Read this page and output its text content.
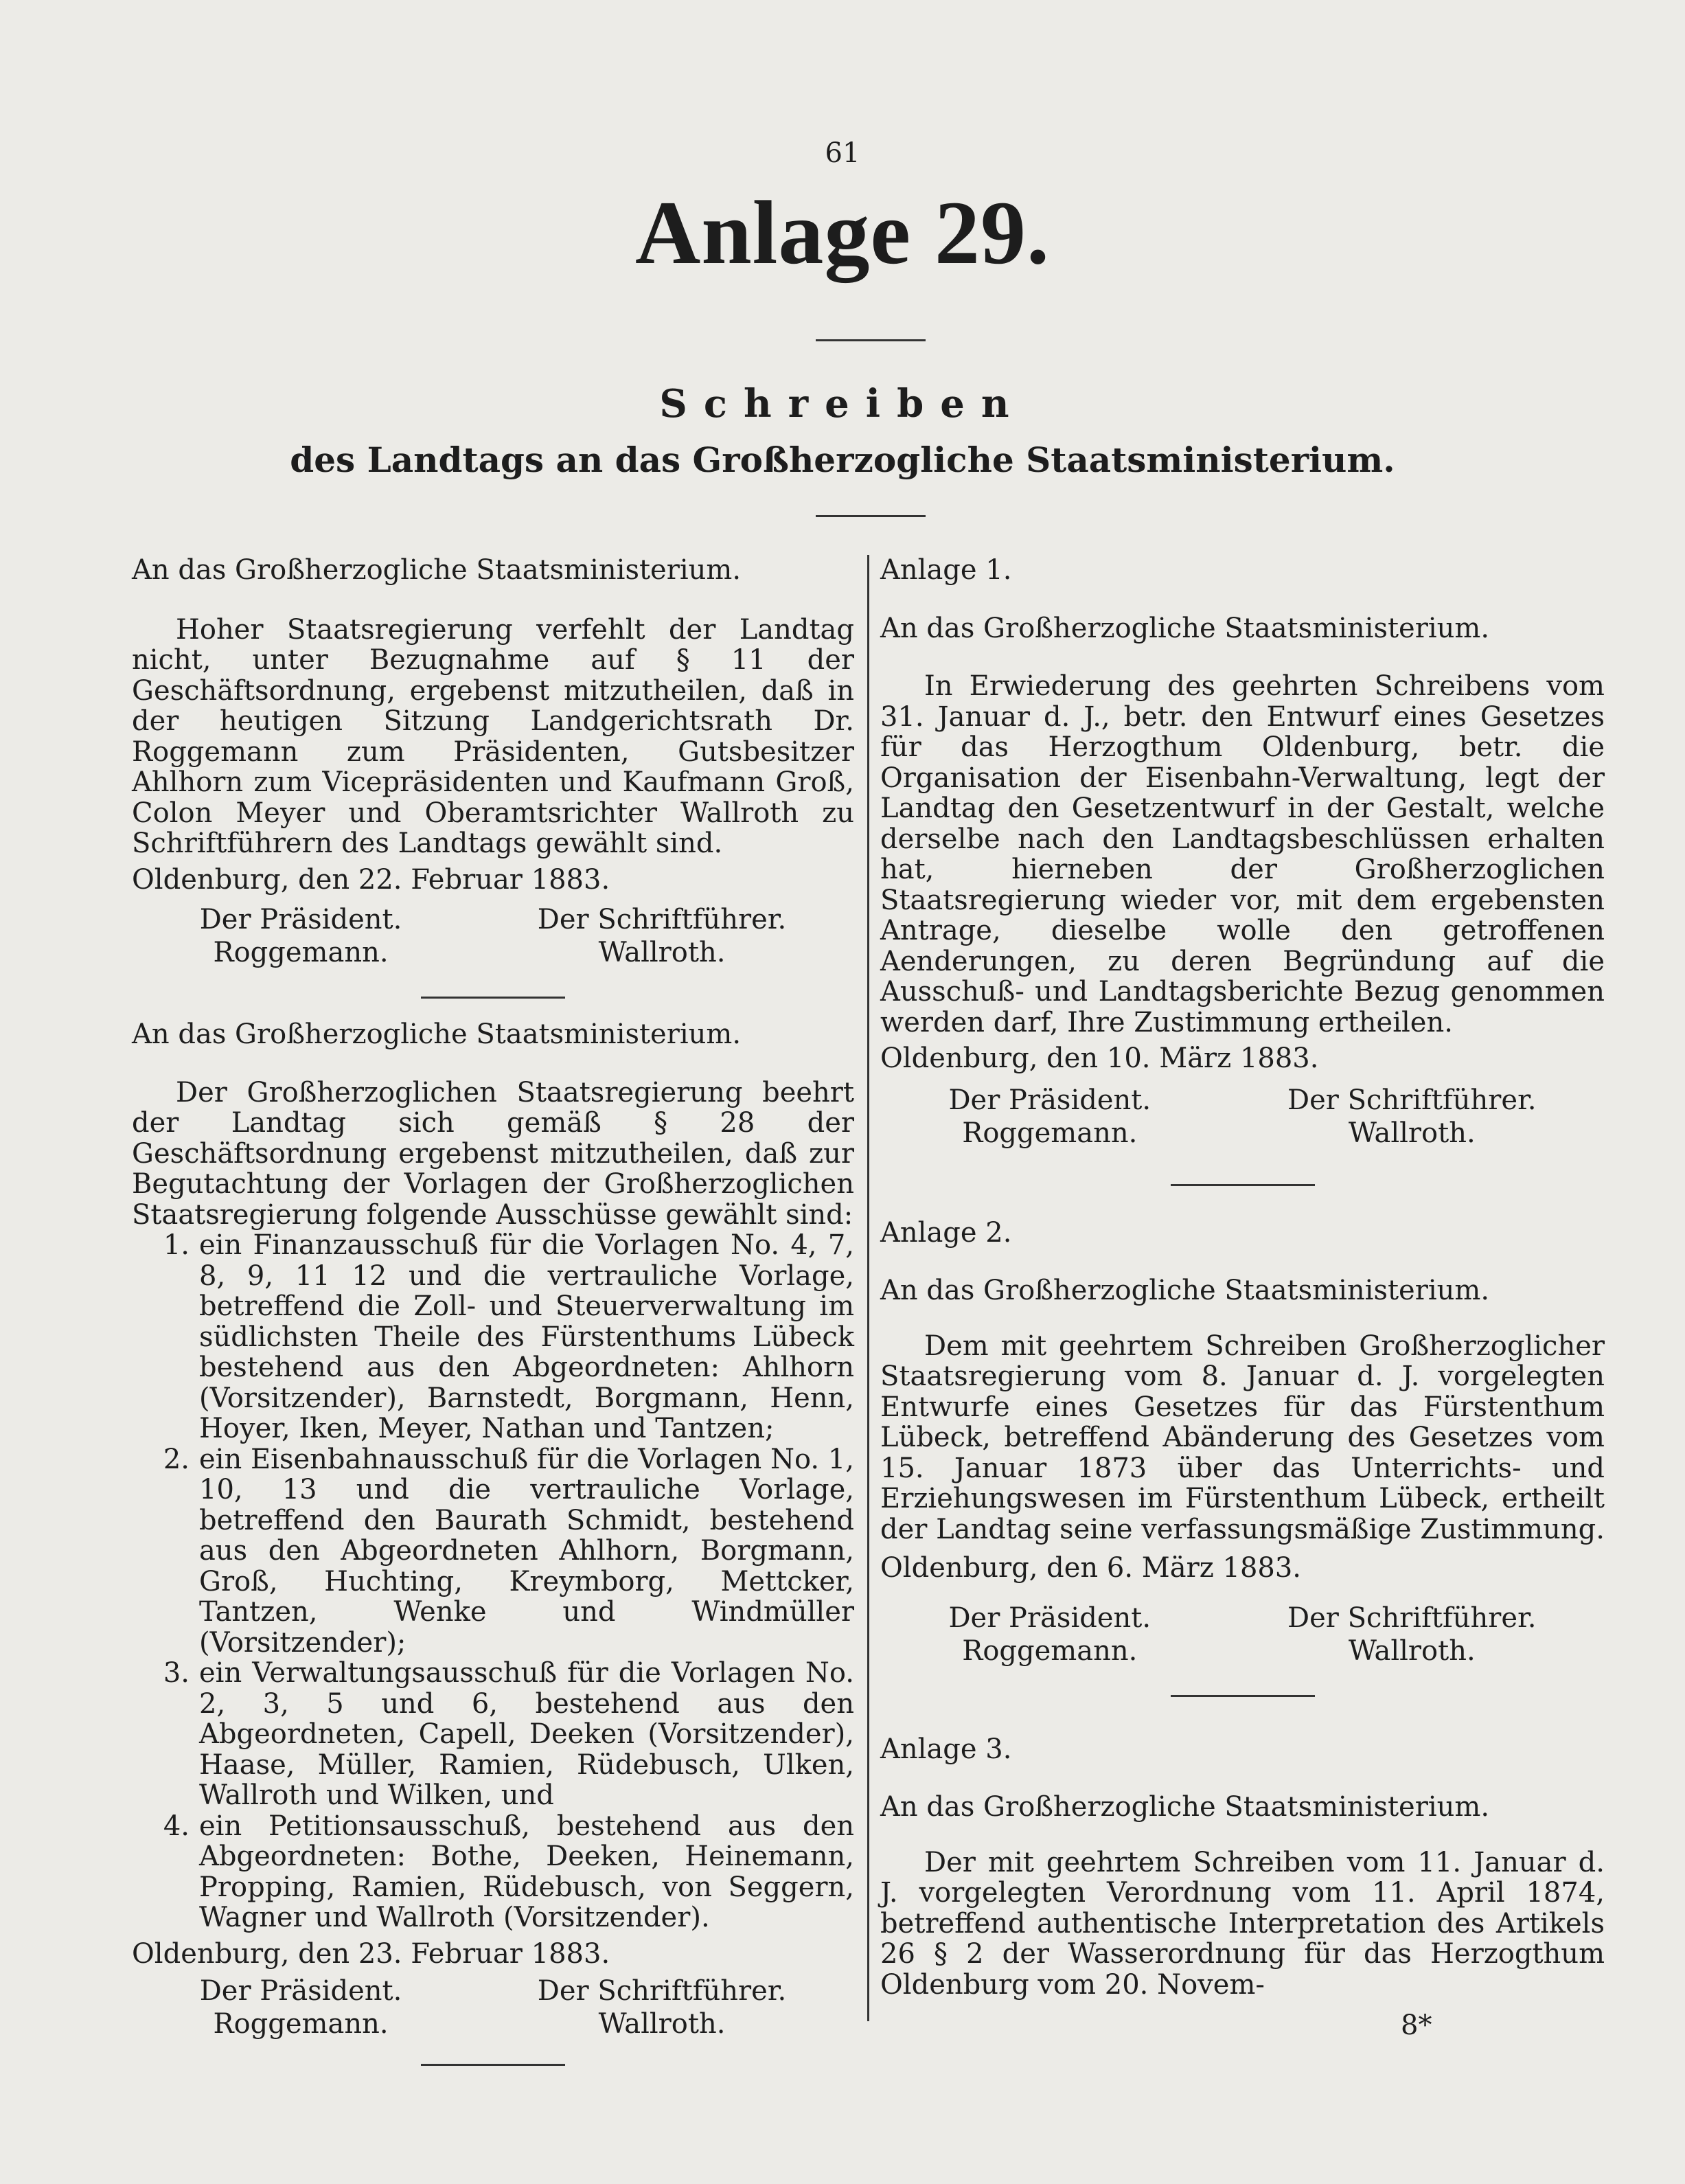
61
Anlage 29.
Schreiben
des Landtags an das Großherzogliche Staatsministerium.

An das Großherzogliche Staatsministerium.

Hoher Staatsregierung verfehlt der Landtag nicht, unter Bezugnahme auf § 11 der Geschäftsordnung, ergebenst mitzutheilen, daß in der heutigen Sitzung Landgerichtsrath Dr. Roggemann zum Präsidenten, Gutsbesitzer Ahlhorn zum Vicepräsidenten und Kaufmann Groß, Colon Meyer und Oberamtsrichter Wallroth zu Schriftführern des Landtags gewählt sind.

Oldenburg, den 22. Februar 1883.

Der Präsident.
Roggemann.
Der Schriftführer.
Wallroth.

An das Großherzogliche Staatsministerium.

Der Großherzoglichen Staatsregierung beehrt der Landtag sich gemäß § 28 der Geschäftsordnung ergebenst mitzutheilen, daß zur Begutachtung der Vorlagen der Großherzoglichen Staatsregierung folgende Ausschüsse gewählt sind:

1. ein Finanzausschuß für die Vorlagen No. 4, 7, 8, 9, 11 12 und die vertrauliche Vorlage, betreffend die Zoll- und Steuerverwaltung im südlichsten Theile des Fürstenthums Lübeck bestehend aus den Abgeordneten: Ahlhorn (Vorsitzender), Barnstedt, Borgmann, Henn, Hoyer, Iken, Meyer, Nathan und Tantzen;
2. ein Eisenbahnausschuß für die Vorlagen No. 1, 10, 13 und die vertrauliche Vorlage, betreffend den Baurath Schmidt, bestehend aus den Abgeordneten Ahlhorn, Borgmann, Groß, Huchting, Kreymborg, Mettcker, Tantzen, Wenke und Windmüller (Vorsitzender);
3. ein Verwaltungsausschuß für die Vorlagen No. 2, 3, 5 und 6, bestehend aus den Abgeordneten, Capell, Deeken (Vorsitzender), Haase, Müller, Ramien, Rüdebusch, Ulken, Wallroth und Wilken, und
4. ein Petitionsausschuß, bestehend aus den Abgeordneten: Bothe, Deeken, Heinemann, Propping, Ramien, Rüdebusch, von Seggern, Wagner und Wallroth (Vorsitzender).

Oldenburg, den 23. Februar 1883.

Der Präsident.
Roggemann.
Der Schriftführer.
Wallroth.

Anlage 1.

An das Großherzogliche Staatsministerium.

In Erwiederung des geehrten Schreibens vom 31. Januar d. J., betr. den Entwurf eines Gesetzes für das Herzogthum Oldenburg, betr. die Organisation der Eisenbahn-Verwaltung, legt der Landtag den Gesetzentwurf in der Gestalt, welche derselbe nach den Landtagsbeschlüssen erhalten hat, hierneben der Großherzoglichen Staatsregierung wieder vor, mit dem ergebensten Antrage, dieselbe wolle den getroffenen Aenderungen, zu deren Begründung auf die Ausschuß- und Landtagsberichte Bezug genommen werden darf, Ihre Zustimmung ertheilen.

Oldenburg, den 10. März 1883.

Der Präsident.
Roggemann.
Der Schriftführer.
Wallroth.

Anlage 2.

An das Großherzogliche Staatsministerium.

Dem mit geehrtem Schreiben Großherzoglicher Staatsregierung vom 8. Januar d. J. vorgelegten Entwurfe eines Gesetzes für das Fürstenthum Lübeck, betreffend Abänderung des Gesetzes vom 15. Januar 1873 über das Unterrichts- und Erziehungswesen im Fürstenthum Lübeck, ertheilt der Landtag seine verfassungsmäßige Zustimmung.

Oldenburg, den 6. März 1883.

Der Präsident.
Roggemann.
Der Schriftführer.
Wallroth.

Anlage 3.

An das Großherzogliche Staatsministerium.

Der mit geehrtem Schreiben vom 11. Januar d. J. vorgelegten Verordnung vom 11. April 1874, betreffend authentische Interpretation des Artikels 26 § 2 der Wasserordnung für das Herzogthum Oldenburg vom 20. Novem-

8*
